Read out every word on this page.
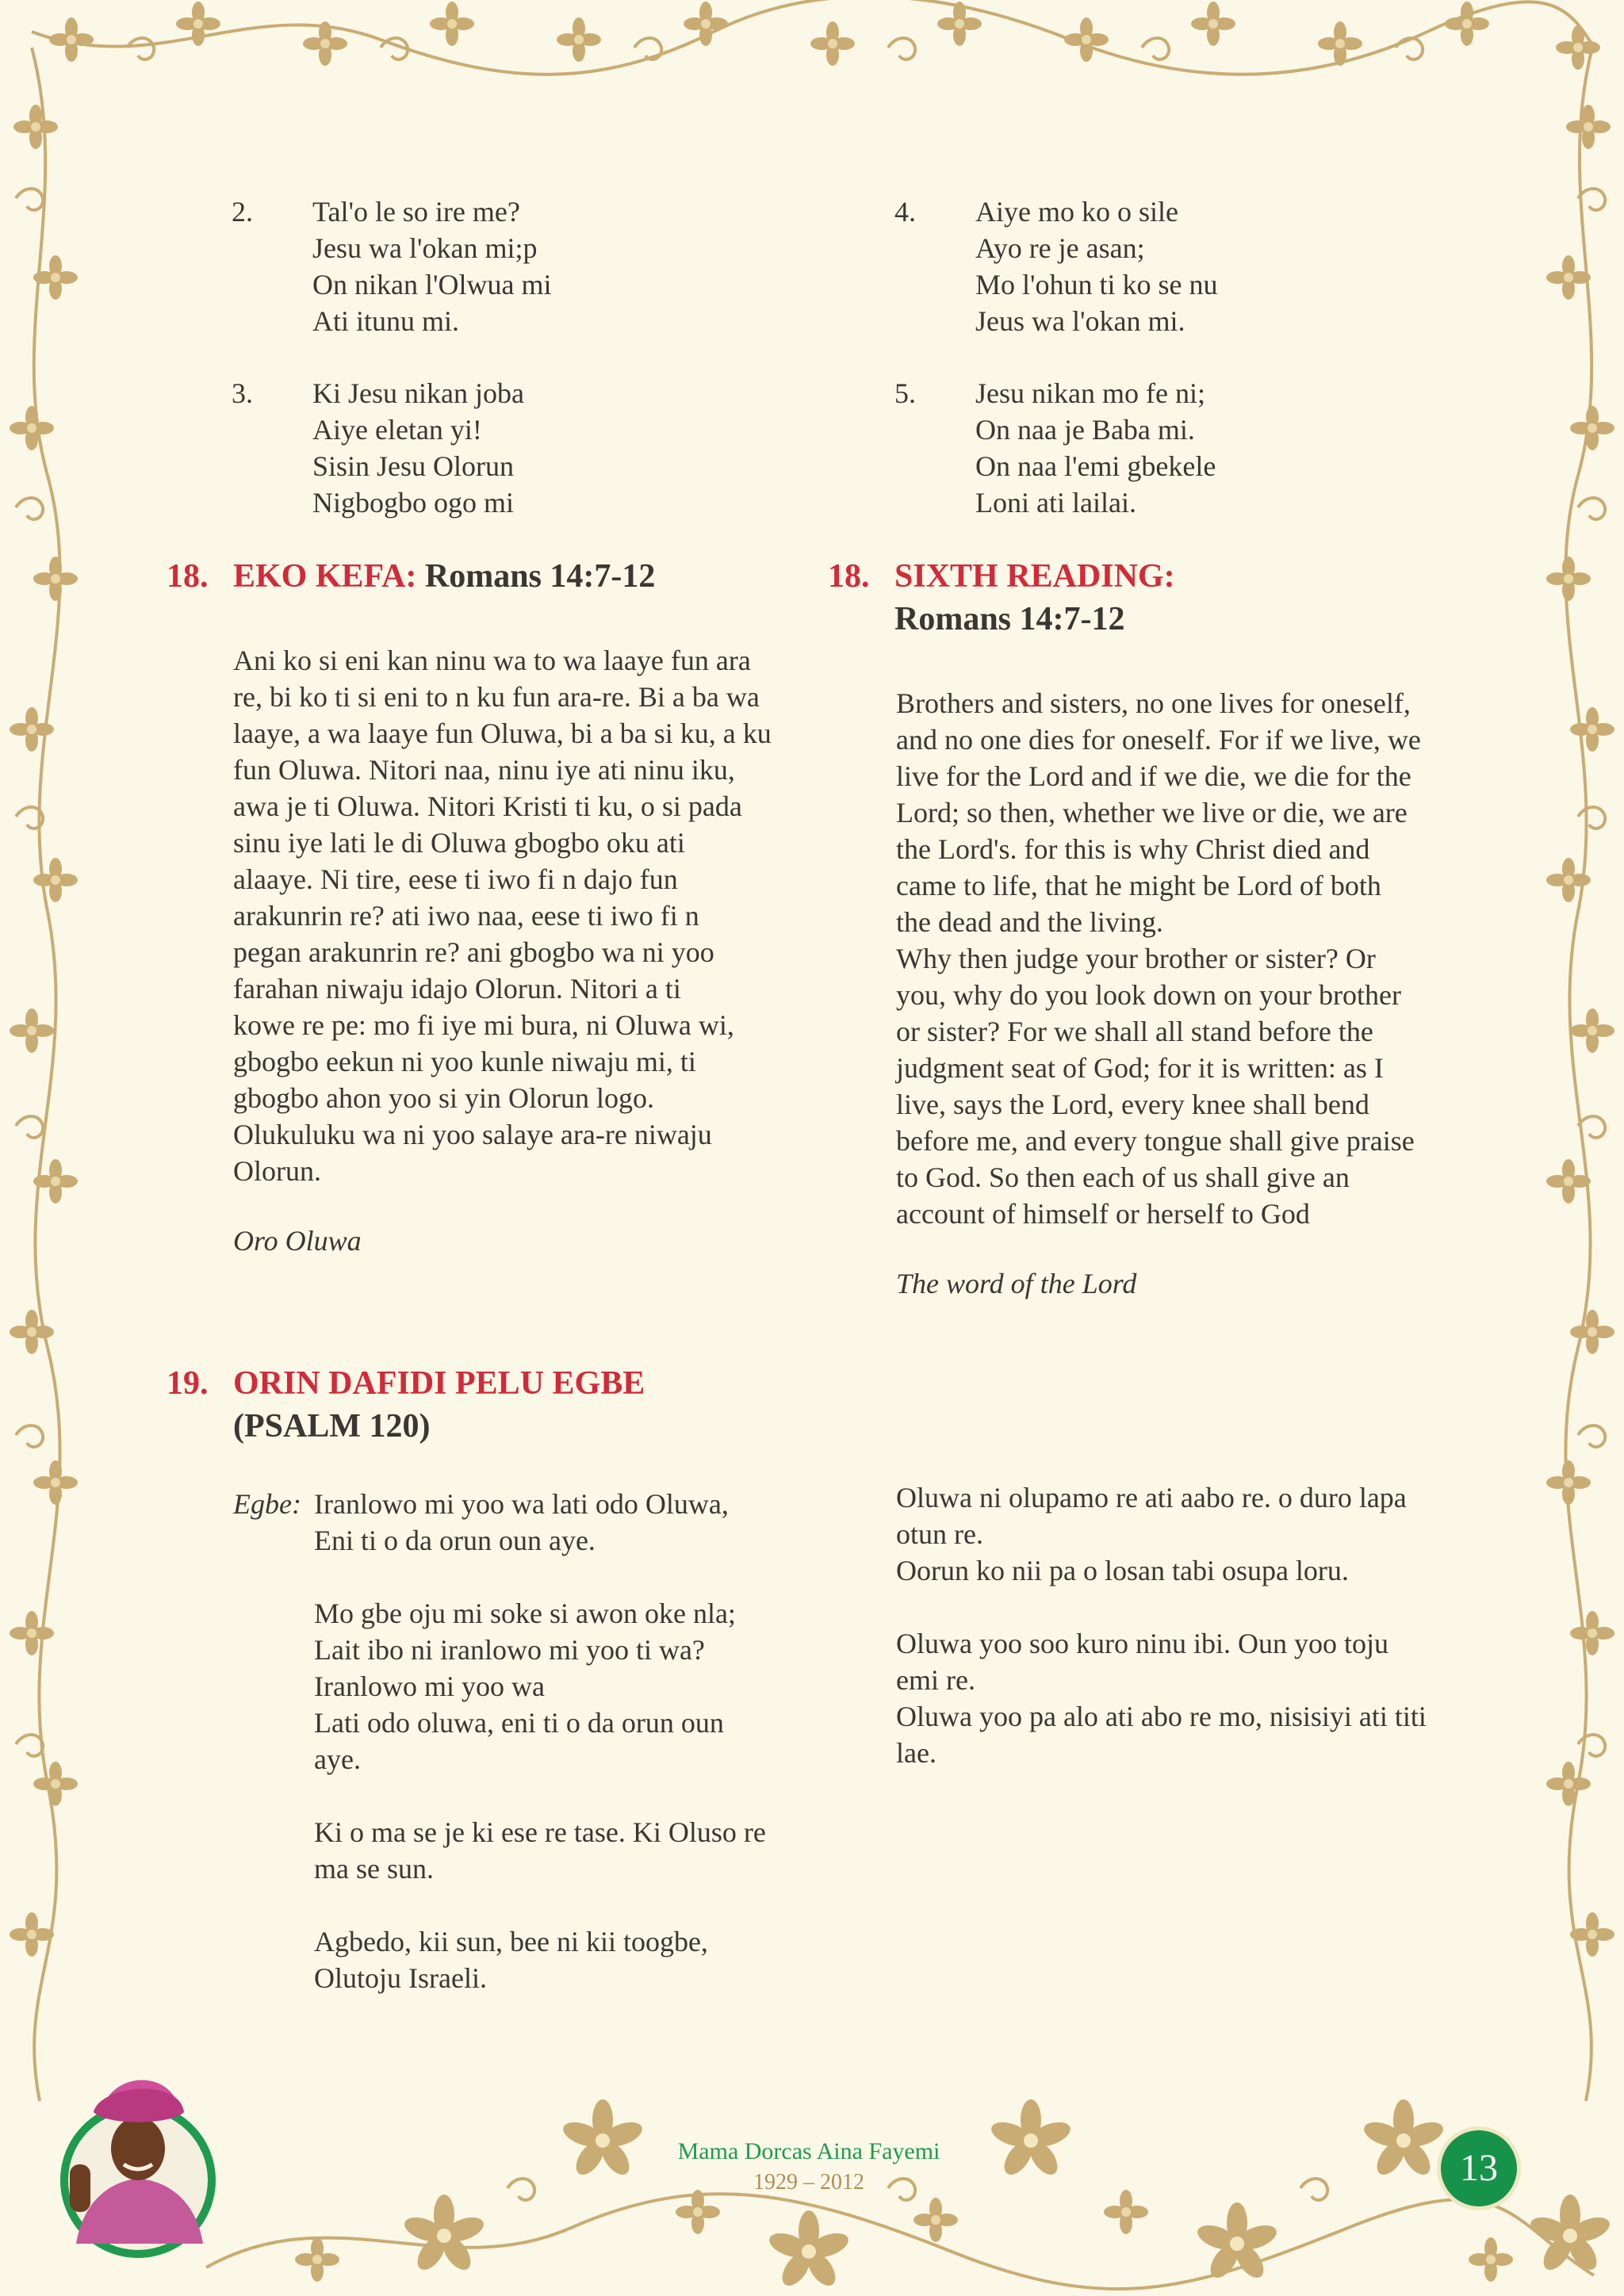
2. Tal'o le so ire me?
Jesu wa l'okan mi;p
On nikan l'Olwua mi
Ati itunu mi.
3. Ki Jesu nikan joba
Aiye eletan yi!
Sisin Jesu Olorun
Nigbogbo ogo mi
4. Aiye mo ko o sile
Ayo re je asan;
Mo l'ohun ti ko se nu
Jeus wa l'okan mi.
5. Jesu nikan mo fe ni;
On naa je Baba mi.
On naa l'emi gbekele
Loni ati lailai.
18. EKO KEFA: Romans 14:7-12
Ani ko si eni kan ninu wa to wa laaye fun ara
re, bi ko ti si eni to n ku fun ara-re. Bi a ba wa
laaye, a wa laaye fun Oluwa, bi a ba si ku, a ku
fun Oluwa. Nitori naa, ninu iye ati ninu iku,
awa je ti Oluwa. Nitori Kristi ti ku, o si pada
sinu iye lati le di Oluwa gbogbo oku ati
alaaye. Ni tire, eese ti iwo fi n dajo fun
arakunrin re? ati iwo naa, eese ti iwo fi n
pegan arakunrin re? ani gbogbo wa ni yoo
farahan niwaju idajo Olorun. Nitori a ti
kowe re pe: mo fi iye mi bura, ni Oluwa wi,
gbogbo eekun ni yoo kunle niwaju mi, ti
gbogbo ahon yoo si yin Olorun logo.
Olukuluku wa ni yoo salaye ara-re niwaju
Olorun.
Oro Oluwa
18. SIXTH READING:
Romans 14:7-12
Brothers and sisters, no one lives for oneself,
and no one dies for oneself. For if we live, we
live for the Lord and if we die, we die for the
Lord; so then, whether we live or die, we are
the Lord's. for this is why Christ died and
came to life, that he might be Lord of both
the dead and the living.
Why then judge your brother or sister? Or
you, why do you look down on your brother
or sister? For we shall all stand before the
judgment seat of God; for it is written: as I
live, says the Lord, every knee shall bend
before me, and every tongue shall give praise
to God. So then each of us shall give an
account of himself or herself to God
The word of the Lord
19. ORIN DAFIDI PELU EGBE
(PSALM 120)
Egbe: Iranlowo mi yoo wa lati odo Oluwa,
Eni ti o da orun oun aye.
Mo gbe oju mi soke si awon oke nla;
Lait ibo ni iranlowo mi yoo ti wa?
Iranlowo mi yoo wa
Lati odo oluwa, eni ti o da orun oun
aye.
Ki o ma se je ki ese re tase. Ki Oluso re
ma se sun.
Agbedo, kii sun, bee ni kii toogbe,
Olutoju Israeli.
Oluwa ni olupamo re ati aabo re. o duro lapa
otun re.
Oorun ko nii pa o losan tabi osupa loru.
Oluwa yoo soo kuro ninu ibi. Oun yoo toju
emi re.
Oluwa yoo pa alo ati abo re mo, nisisiyi ati titi
lae.
Mama Dorcas Aina Fayemi
1929 – 2012	13
